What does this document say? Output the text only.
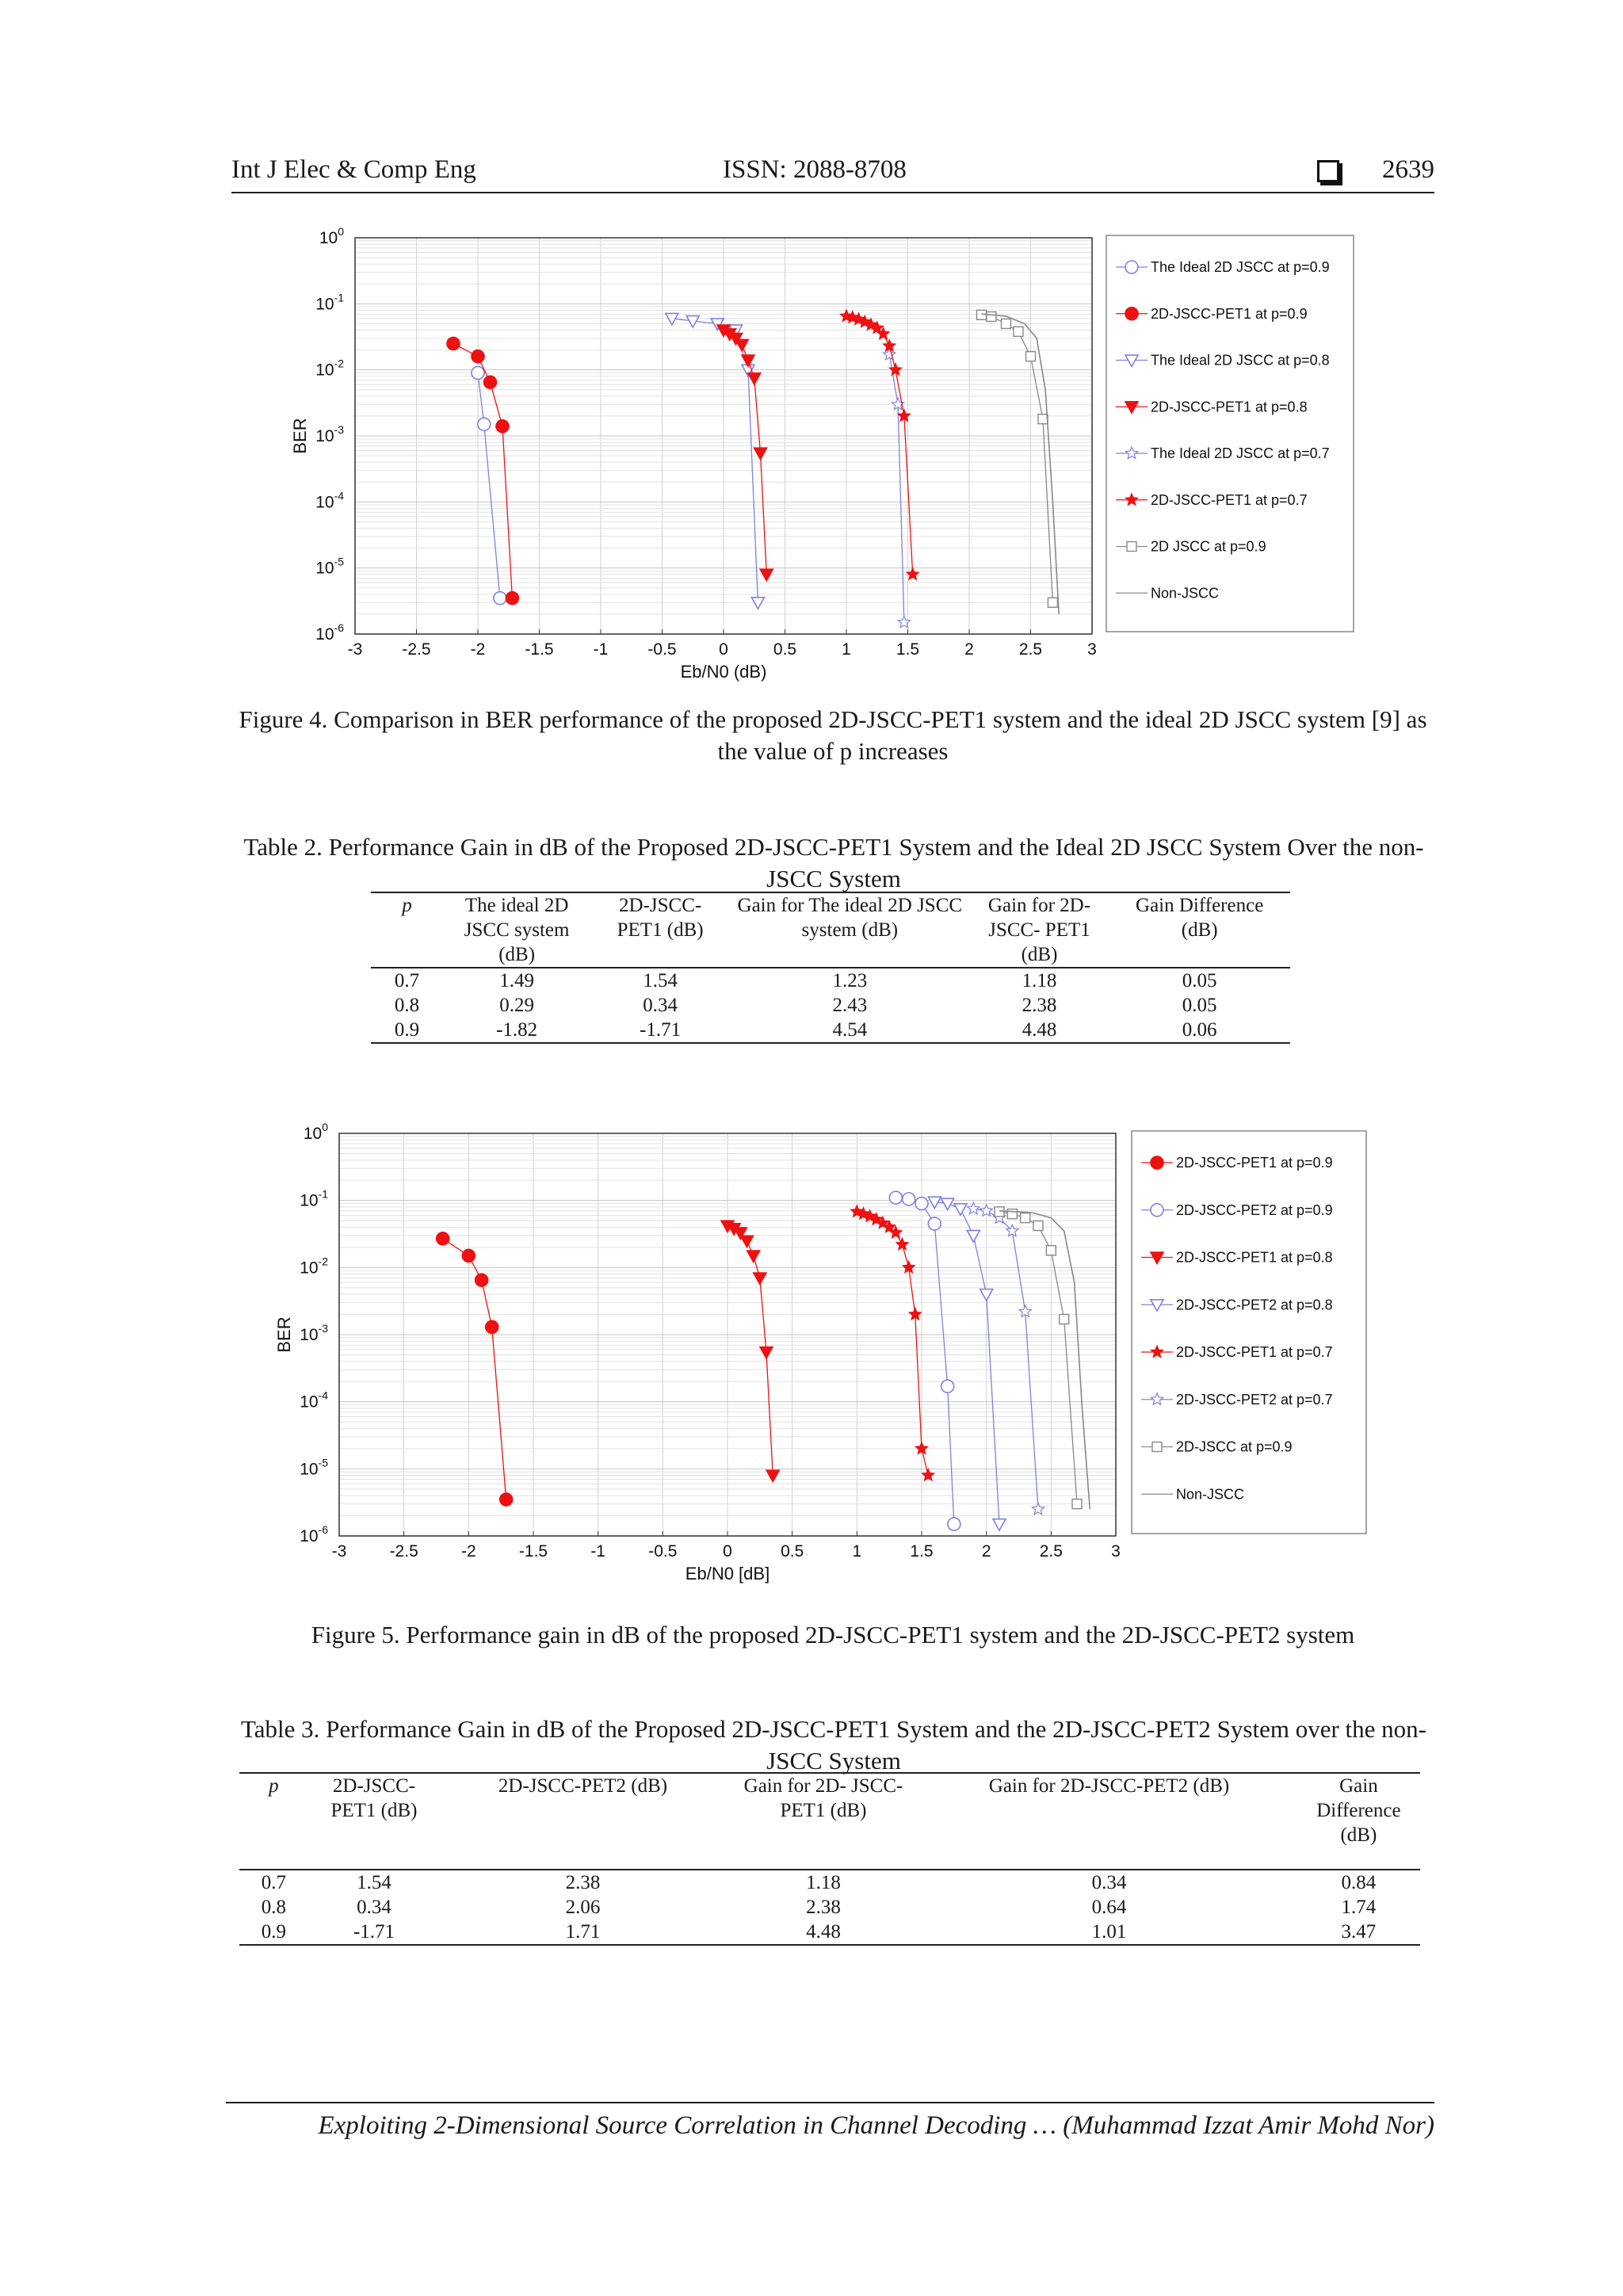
Int J Elec & Comp Eng	ISSN: 2088-8708	2639
-3 -2.5 -2 -1.5 -1 -0.5	0	0.5	1	1.5	2	2.5	3
$10^0$
$10^{-1}$
$10^{-2}$
$10^{-3}$
$10^{-4}$
$10^{-5}$
$10^{-6}$
Eb/N0 (dB)
BER
The Ideal 2D JSCC at p=0.9
2D-JSCC-PET1 at p=0.9
The Ideal 2D JSCC at p=0.8
2D-JSCC-PET1 at p=0.8
The Ideal 2D JSCC at p=0.7
2D-JSCC-PET1 at p=0.7
2D JSCC at p=0.9
Non-JSCC
Figure 4. Comparison in BER performance of the proposed 2D-JSCC-PET1 system and the ideal 2D JSCC system [9] as the value of p increases
Table 2. Performance Gain in dB of the Proposed 2D-JSCC-PET1 System and the Ideal 2D JSCC System Over the non-JSCC System
p	The ideal 2D JSCC system (dB)	2D-JSCC- PET1 (dB)	Gain for The ideal 2D JSCC system (dB)	Gain for 2D-JSCC- PET1 (dB)	Gain Difference (dB)
0.7	1.49	1.54	1.23	1.18	0.05
0.8	0.29	0.34	2.43	2.38	0.05
0.9	-1.82	-1.71	4.54	4.48	0.06
-3	-2.5	-2	-1.5	-1	-0.5	0	0.5	1	1.5	2	2.5	3
$10^0$
$10^{-1}$
$10^{-2}$
$10^{-3}$
$10^{-4}$
$10^{-5}$
$10^{-6}$
Eb/N0 [dB]
BER
2D-JSCC-PET1 at p=0.9
2D-JSCC-PET2 at p=0.9
2D-JSCC-PET1 at p=0.8
2D-JSCC-PET2 at p=0.8
2D-JSCC-PET1 at p=0.7
2D-JSCC-PET2 at p=0.7
2D-JSCC at p=0.9
Non-JSCC
Figure 5. Performance gain in dB of the proposed 2D-JSCC-PET1 system and the 2D-JSCC-PET2 system
Table 3. Performance Gain in dB of the Proposed 2D-JSCC-PET1 System and the 2D-JSCC-PET2 System over the non-JSCC System
p	2D-JSCC- PET1 (dB)	2D-JSCC-PET2 (dB)	Gain for 2D- JSCC-PET1 (dB)	Gain for 2D-JSCC-PET2 (dB)	Gain Difference (dB)
0.7	1.54	2.38	1.18	0.34	0.84
0.8	0.34	2.06	2.38	0.64	1.74
0.9	-1.71	1.71	4.48	1.01	3.47
Exploiting 2-Dimensional Source Correlation in Channel Decoding … (Muhammad Izzat Amir Mohd Nor)
